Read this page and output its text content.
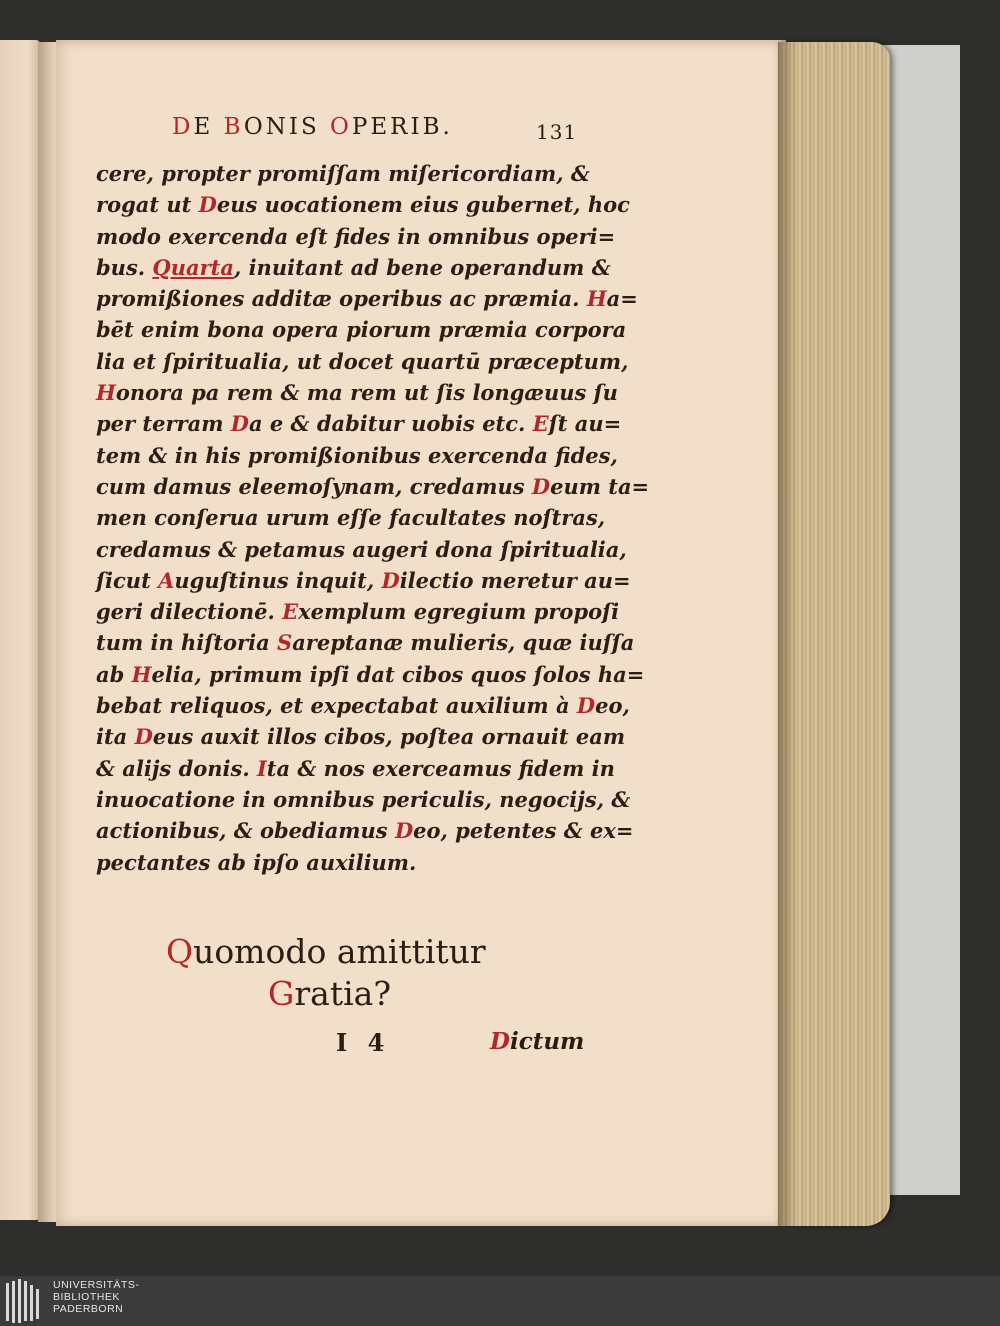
DE BONIS OPERIB.	131
cere, propter promiſſam miſericordiam, &
rogat ut Deus uocationem eius gubernet, hoc
modo exercenda eſt fides in omnibus operi=
bus. Quarta, inuitant ad bene operandum &
promißiones additæ operibus ac præmia. Ha=
bēt enim bona opera piorum præmia corpora
lia et ſpiritualia, ut docet quartū præceptum,
Honora pa rem & ma rem ut ſis longæuus ſu
per terram Da e & dabitur uobis etc. Eſt au=
tem & in his promißionibus exercenda fides,
cum damus eleemoſynam, credamus Deum ta=
men conſerua urum eſſe facultates noſtras,
credamus & petamus augeri dona ſpiritualia,
ſicut Auguſtinus inquit, Dilectio meretur au=
geri dilectionē. Exemplum egregium propoſi
tum in hiſtoria Sareptanæ mulieris, quæ iuſſa
ab Helia, primum ipſi dat cibos quos ſolos ha=
bebat reliquos, et expectabat auxilium à Deo,
ita Deus auxit illos cibos, poſtea ornauit eam
& alijs donis. Ita & nos exerceamus fidem in
inuocatione in omnibus periculis, negocijs, &
actionibus, & obediamus Deo, petentes & ex=
pectantes ab ipſo auxilium.
Quomodo amittitur
Gratia?
I 4	Dictum
UNIVERSITÄTS-
BIBLIOTHEK
PADERBORN
